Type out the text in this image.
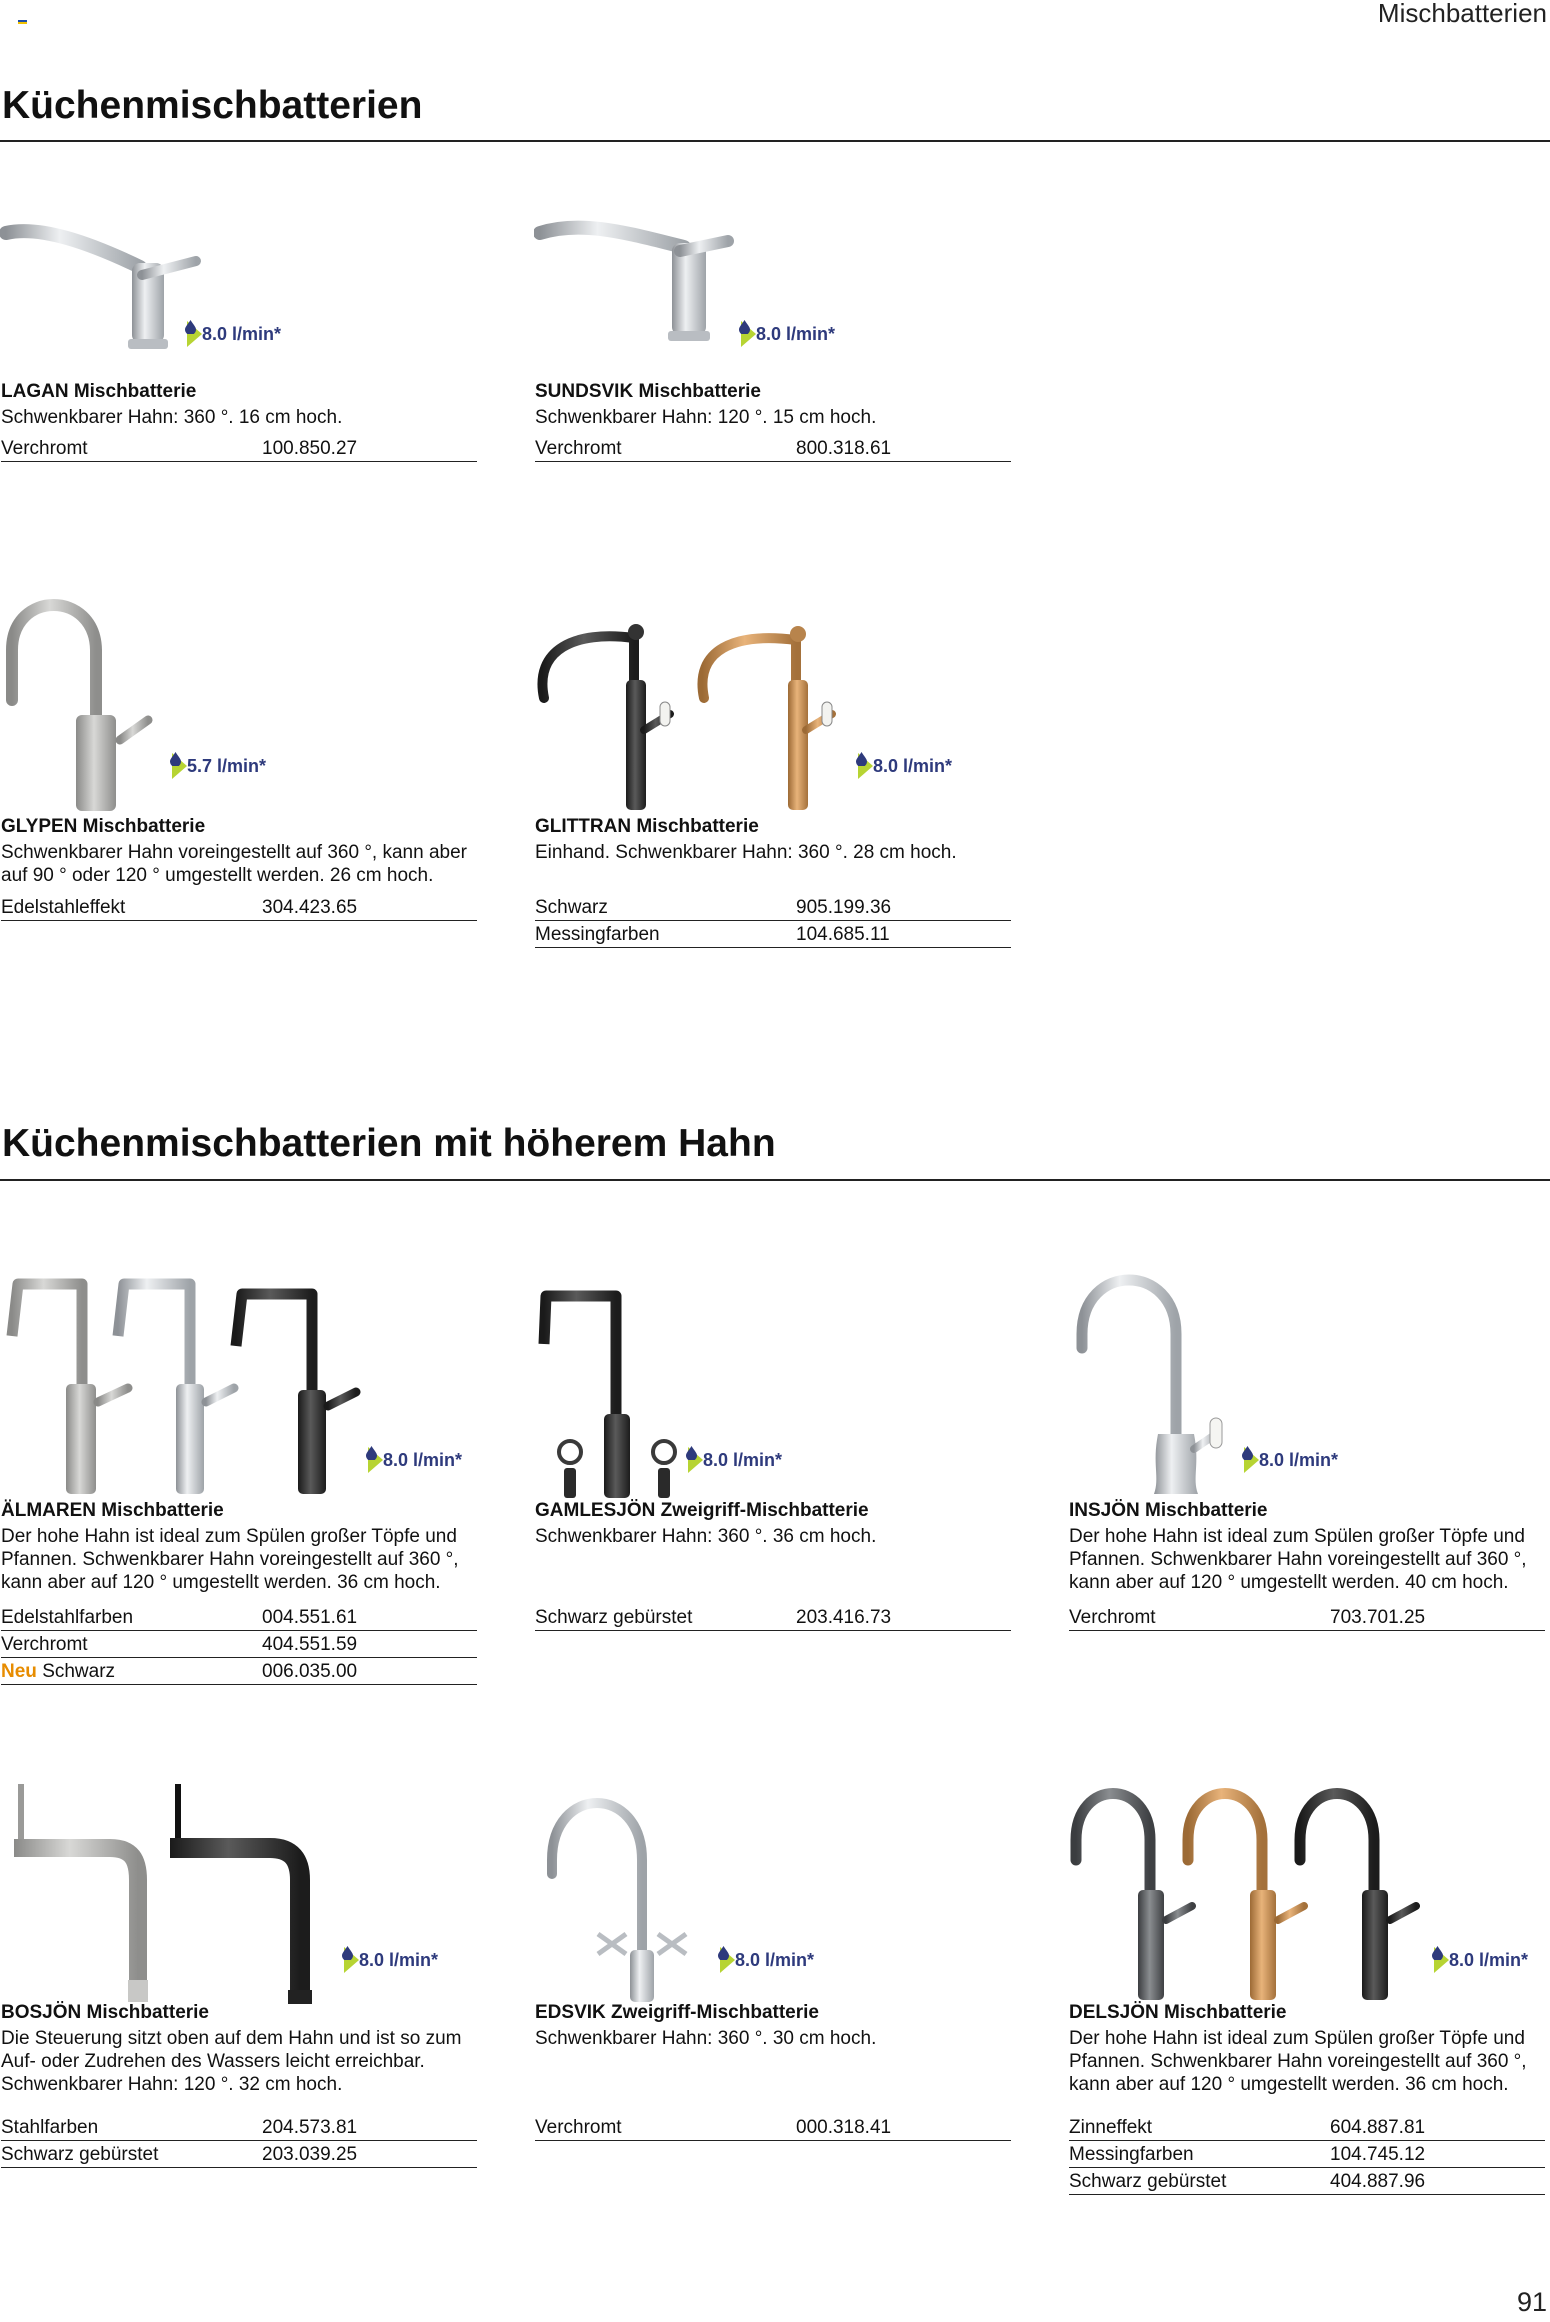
Mischbatterien
Küchenmischbatterien
Küchenmischbatterien mit höherem Hahn
8.0 l/min*
LAGAN Mischbatterie

Schwenkbarer Hahn: 360 °. 16 cm hoch.

Verchromt	100.850.27
8.0 l/min*
SUNDSVIK Mischbatterie

Schwenkbarer Hahn: 120 °. 15 cm hoch.

Verchromt	800.318.61
5.7 l/min*
GLYPEN Mischbatterie

Schwenkbarer Hahn voreingestellt auf 360 °, kann aber auf 90 ° oder 120 ° umgestellt werden. 26 cm hoch.

Edelstahleffekt	304.423.65
8.0 l/min*
GLITTRAN Mischbatterie

Einhand. Schwenkbarer Hahn: 360 °. 28 cm hoch.

Schwarz	905.199.36
Messingfarben	104.685.11
8.0 l/min*
ÄLMAREN Mischbatterie

Der hohe Hahn ist ideal zum Spülen großer Töpfe und Pfannen. Schwenkbarer Hahn voreingestellt auf 360 °, kann aber auf 120 ° umgestellt werden. 36 cm hoch.

Edelstahlfarben	004.551.61
Verchromt	404.551.59
Neu Schwarz	006.035.00
8.0 l/min*
GAMLESJÖN Zweigriff-Mischbatterie

Schwenkbarer Hahn: 360 °. 36 cm hoch.

Schwarz gebürstet	203.416.73
8.0 l/min*
INSJÖN Mischbatterie

Der hohe Hahn ist ideal zum Spülen großer Töpfe und Pfannen. Schwenkbarer Hahn voreingestellt auf 360 °, kann aber auf 120 ° umgestellt werden. 40 cm hoch.

Verchromt	703.701.25
8.0 l/min*
BOSJÖN Mischbatterie

Die Steuerung sitzt oben auf dem Hahn und ist so zum Auf- oder Zudrehen des Wassers leicht erreichbar. Schwenkbarer Hahn: 120 °. 32 cm hoch.

Stahlfarben	204.573.81
Schwarz gebürstet	203.039.25
8.0 l/min*
EDSVIK Zweigriff-Mischbatterie

Schwenkbarer Hahn: 360 °. 30 cm hoch.

Verchromt	000.318.41
8.0 l/min*
DELSJÖN Mischbatterie

Der hohe Hahn ist ideal zum Spülen großer Töpfe und Pfannen. Schwenkbarer Hahn voreingestellt auf 360 °, kann aber auf 120 ° umgestellt werden. 36 cm hoch.

Zinneffekt	604.887.81
Messingfarben	104.745.12
Schwarz gebürstet	404.887.96
91
